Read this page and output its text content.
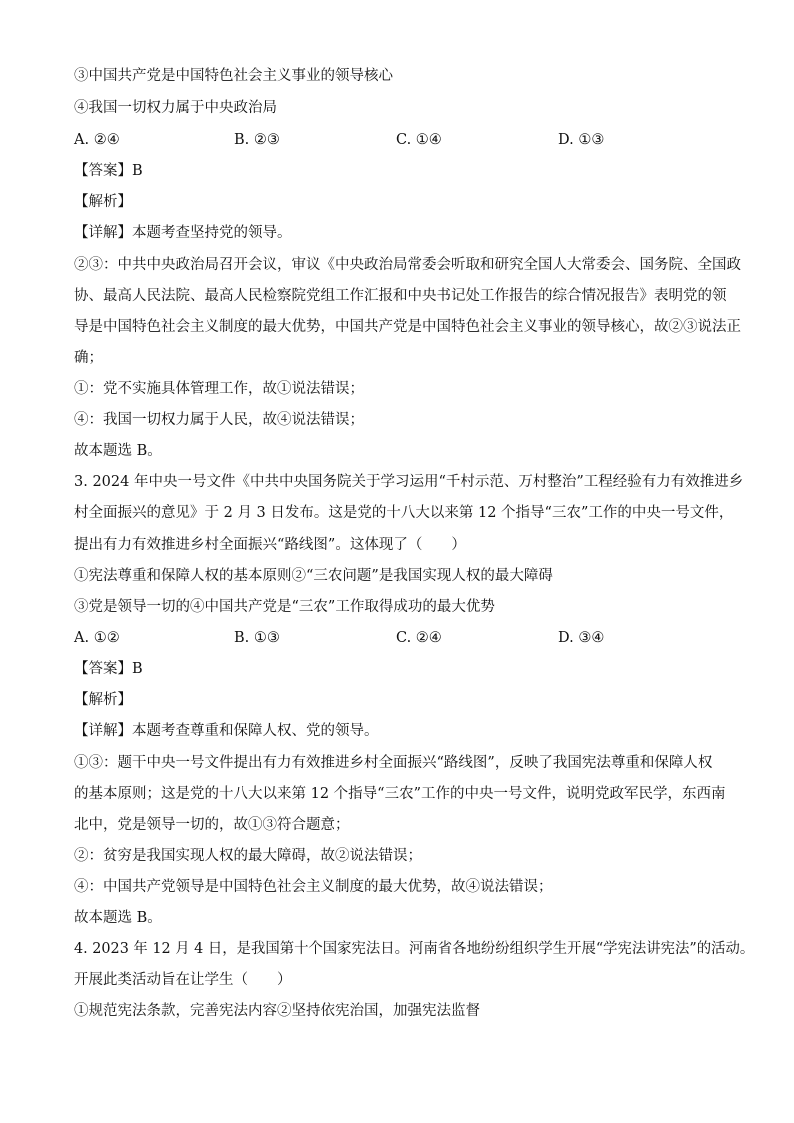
③中国共产党是中国特色社会主义事业的领导核心
④我国一切权力属于中央政治局
A. ②④	B. ②③	C. ①④	D. ①③
【答案】B
【解析】
【详解】本题考查坚持党的领导。
②③：中共中央政治局召开会议，审议《中央政治局常委会听取和研究全国人大常委会、国务院、全国政
协、最高人民法院、最高人民检察院党组工作汇报和中央书记处工作报告的综合情况报告》表明党的领
导是中国特色社会主义制度的最大优势，中国共产党是中国特色社会主义事业的领导核心，故②③说法正
确；
①：党不实施具体管理工作，故①说法错误；
④：我国一切权力属于人民，故④说法错误；
故本题选 B。
3. 2024 年中央一号文件《中共中央国务院关于学习运用“千村示范、万村整治”工程经验有力有效推进乡
村全面振兴的意见》于 2 月 3 日发布。这是党的十八大以来第 12 个指导“三农”工作的中央一号文件，
提出有力有效推进乡村全面振兴“路线图”。这体现了（　　）
①宪法尊重和保障人权的基本原则②“三农问题”是我国实现人权的最大障碍
③党是领导一切的④中国共产党是“三农”工作取得成功的最大优势
A. ①②	B. ①③	C. ②④	D. ③④
【答案】B
【解析】
【详解】本题考查尊重和保障人权、党的领导。
①③：题干中央一号文件提出有力有效推进乡村全面振兴“路线图”，反映了我国宪法尊重和保障人权
的基本原则；这是党的十八大以来第 12 个指导“三农”工作的中央一号文件，说明党政军民学，东西南
北中，党是领导一切的，故①③符合题意；
②：贫穷是我国实现人权的最大障碍，故②说法错误；
④：中国共产党领导是中国特色社会主义制度的最大优势，故④说法错误；
故本题选 B。
4. 2023 年 12 月 4 日，是我国第十个国家宪法日。河南省各地纷纷组织学生开展“学宪法讲宪法”的活动。
开展此类活动旨在让学生（　　）
①规范宪法条款，完善宪法内容②坚持依宪治国，加强宪法监督
